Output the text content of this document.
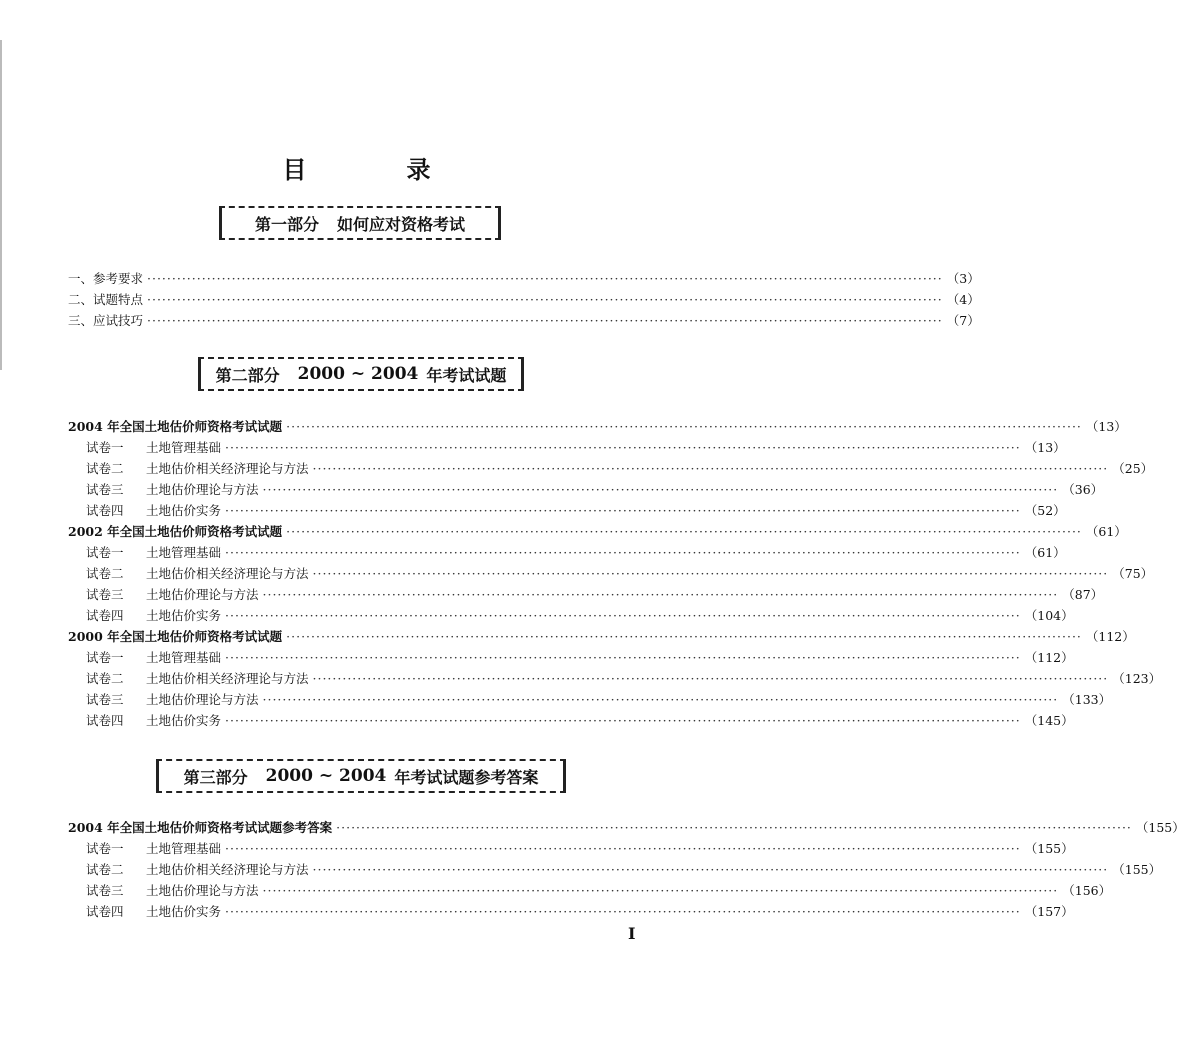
目　录
第一部分 如何应对资格考试
一、参考要求 ································································································································································ （3）
二、试题特点 ································································································································································ （4）
三、应试技巧 ································································································································································ （7）
第二部分 2000 ~ 2004 年考试试题
2004 年全国土地估价师资格考试试题 ································································································································································ （13）
试卷一 土地管理基础 ································································································································································ （13）
试卷二 土地估价相关经济理论与方法 ································································································································································ （25）
试卷三 土地估价理论与方法 ································································································································································ （36）
试卷四 土地估价实务 ································································································································································ （52）
2002 年全国土地估价师资格考试试题 ································································································································································ （61）
试卷一 土地管理基础 ································································································································································ （61）
试卷二 土地估价相关经济理论与方法 ································································································································································ （75）
试卷三 土地估价理论与方法 ································································································································································ （87）
试卷四 土地估价实务 ································································································································································ （104）
2000 年全国土地估价师资格考试试题 ································································································································································ （112）
试卷一 土地管理基础 ································································································································································ （112）
试卷二 土地估价相关经济理论与方法 ································································································································································ （123）
试卷三 土地估价理论与方法 ································································································································································ （133）
试卷四 土地估价实务 ································································································································································ （145）
第三部分 2000 ~ 2004 年考试试题参考答案
2004 年全国土地估价师资格考试试题参考答案 ································································································································································ （155）
试卷一 土地管理基础 ································································································································································ （155）
试卷二 土地估价相关经济理论与方法 ································································································································································ （155）
试卷三 土地估价理论与方法 ································································································································································ （156）
试卷四 土地估价实务 ································································································································································ （157）
I
